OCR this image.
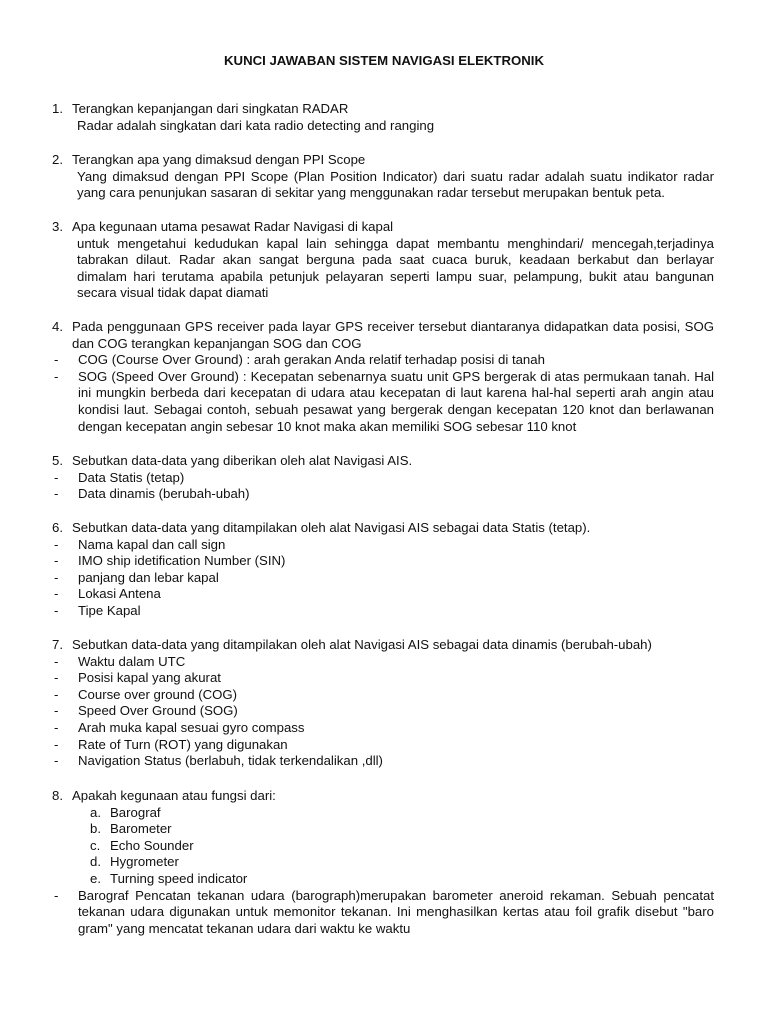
KUNCI JAWABAN SISTEM NAVIGASI ELEKTRONIK
1. Terangkan kepanjangan dari singkatan RADAR
Radar adalah singkatan dari kata radio detecting and ranging
2. Terangkan apa yang dimaksud dengan PPI Scope
Yang dimaksud dengan PPI Scope (Plan Position Indicator) dari suatu radar adalah suatu indikator radar yang cara penunjukan sasaran di sekitar yang menggunakan radar tersebut merupakan bentuk peta.
3. Apa kegunaan utama pesawat Radar Navigasi di kapal
untuk mengetahui kedudukan kapal lain sehingga dapat membantu menghindari/ mencegah,terjadinya tabrakan dilaut. Radar akan sangat berguna pada saat cuaca buruk, keadaan berkabut dan berlayar dimalam hari terutama apabila petunjuk pelayaran seperti lampu suar, pelampung, bukit atau bangunan secara visual tidak dapat diamati
4. Pada penggunaan GPS receiver pada layar GPS receiver tersebut diantaranya didapatkan data posisi, SOG dan COG terangkan kepanjangan SOG dan COG
-	COG (Course Over Ground) : arah gerakan Anda relatif terhadap posisi di tanah
-	SOG (Speed Over Ground) : Kecepatan sebenarnya suatu unit GPS bergerak di atas permukaan tanah. Hal ini mungkin berbeda dari kecepatan di udara atau kecepatan di laut karena hal-hal seperti arah angin atau kondisi laut. Sebagai contoh, sebuah pesawat yang bergerak dengan kecepatan 120 knot dan berlawanan dengan kecepatan angin sebesar 10 knot maka akan memiliki SOG sebesar 110 knot
5. Sebutkan data-data yang diberikan oleh alat Navigasi AIS.
-	Data Statis (tetap)
-	Data dinamis (berubah-ubah)
6. Sebutkan data-data yang ditampilakan oleh alat Navigasi AIS sebagai data Statis (tetap).
-	Nama kapal dan call sign
-	IMO ship idetification Number (SIN)
-	panjang dan lebar kapal
-	Lokasi Antena
-	Tipe Kapal
7. Sebutkan data-data yang ditampilakan oleh alat Navigasi AIS sebagai data dinamis (berubah-ubah)
-	Waktu dalam UTC
-	Posisi kapal yang akurat
-	Course over ground (COG)
-	Speed Over Ground (SOG)
-	Arah muka kapal sesuai gyro compass
-	Rate of Turn (ROT) yang digunakan
-	Navigation Status (berlabuh, tidak terkendalikan ,dll)
8. Apakah kegunaan atau fungsi dari:
a. Barograf
b. Barometer
c. Echo Sounder
d. Hygrometer
e. Turning speed indicator
-	Barograf Pencatan tekanan udara (barograph)merupakan barometer aneroid rekaman. Sebuah pencatat tekanan udara digunakan untuk memonitor tekanan. Ini menghasilkan kertas atau foil grafik disebut "baro gram" yang mencatat tekanan udara dari waktu ke waktu
